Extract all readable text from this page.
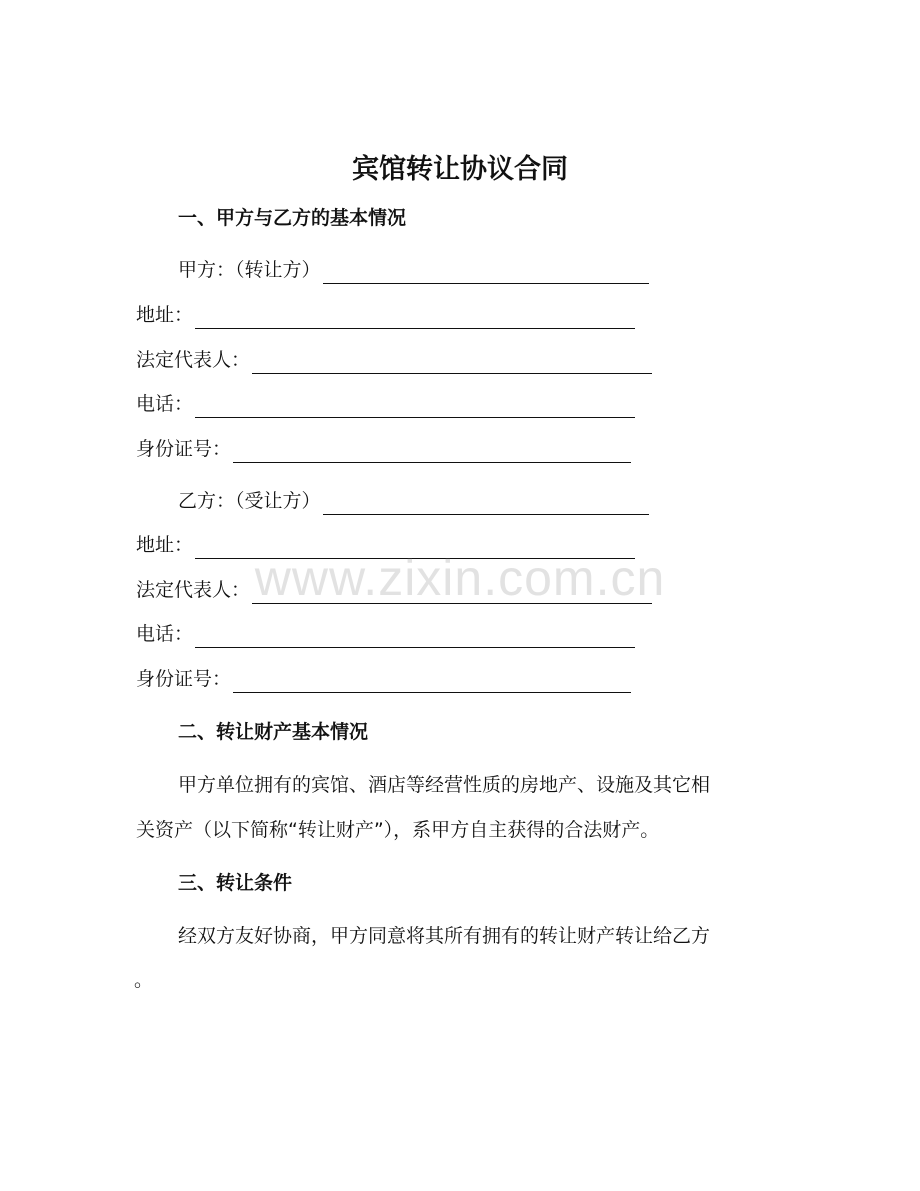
宾馆转让协议合同
一、甲方与乙方的基本情况
甲方：（转让方）
地址：
法定代表人：
电话：
身份证号：
乙方：（受让方）
地址：
法定代表人：
电话：
身份证号：
二、转让财产基本情况
甲方单位拥有的宾馆、酒店等经营性质的房地产、设施及其它相
关资产（以下简称“转让财产”），系甲方自主获得的合法财产。
三、转让条件
经双方友好协商，甲方同意将其所有拥有的转让财产转让给乙方
。
www.zixin.com.cn
